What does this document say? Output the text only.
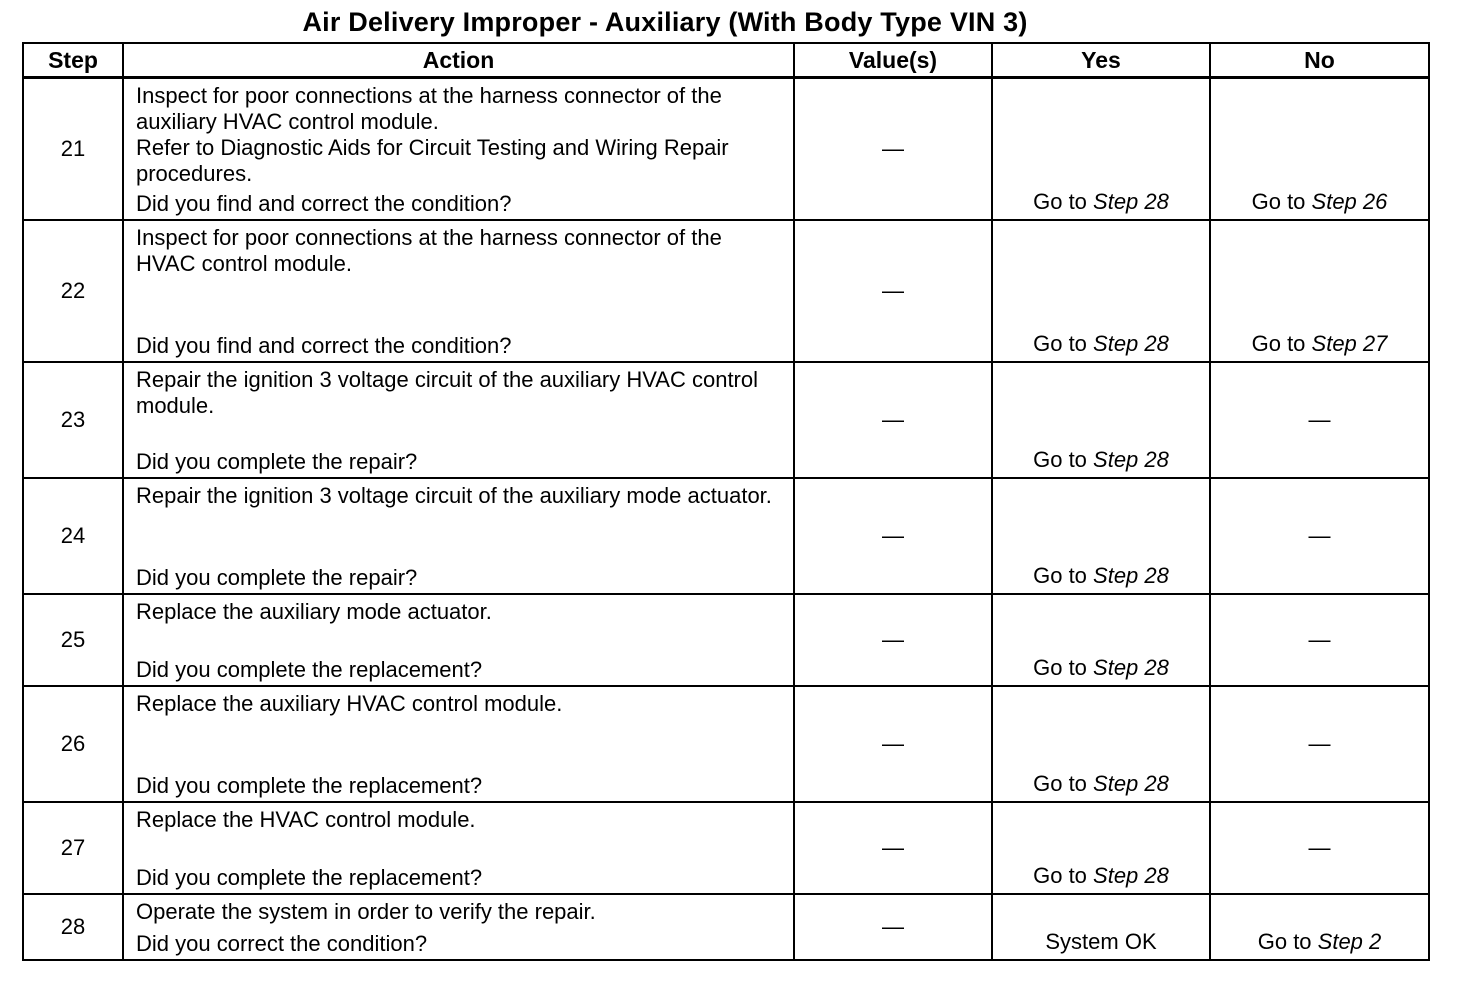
Air Delivery Improper - Auxiliary (With Body Type VIN 3)
Step	Action	Value(s)	Yes	No
21	Inspect for poor connections at the harness connector of the auxiliary HVAC control module.
Refer to Diagnostic Aids for Circuit Testing and Wiring Repair procedures.
Did you find and correct the condition?	—	Go to Step 28	Go to Step 26
22	Inspect for poor connections at the harness connector of the HVAC control module.
Did you find and correct the condition?	—	Go to Step 28	Go to Step 27
23	Repair the ignition 3 voltage circuit of the auxiliary HVAC control module.
Did you complete the repair?	—	Go to Step 28	—
24	Repair the ignition 3 voltage circuit of the auxiliary mode actuator.
Did you complete the repair?	—	Go to Step 28	—
25	Replace the auxiliary mode actuator.
Did you complete the replacement?	—	Go to Step 28	—
26	Replace the auxiliary HVAC control module.
Did you complete the replacement?	—	Go to Step 28	—
27	Replace the HVAC control module.
Did you complete the replacement?	—	Go to Step 28	—
28	Operate the system in order to verify the repair.
Did you correct the condition?	—	System OK	Go to Step 2
